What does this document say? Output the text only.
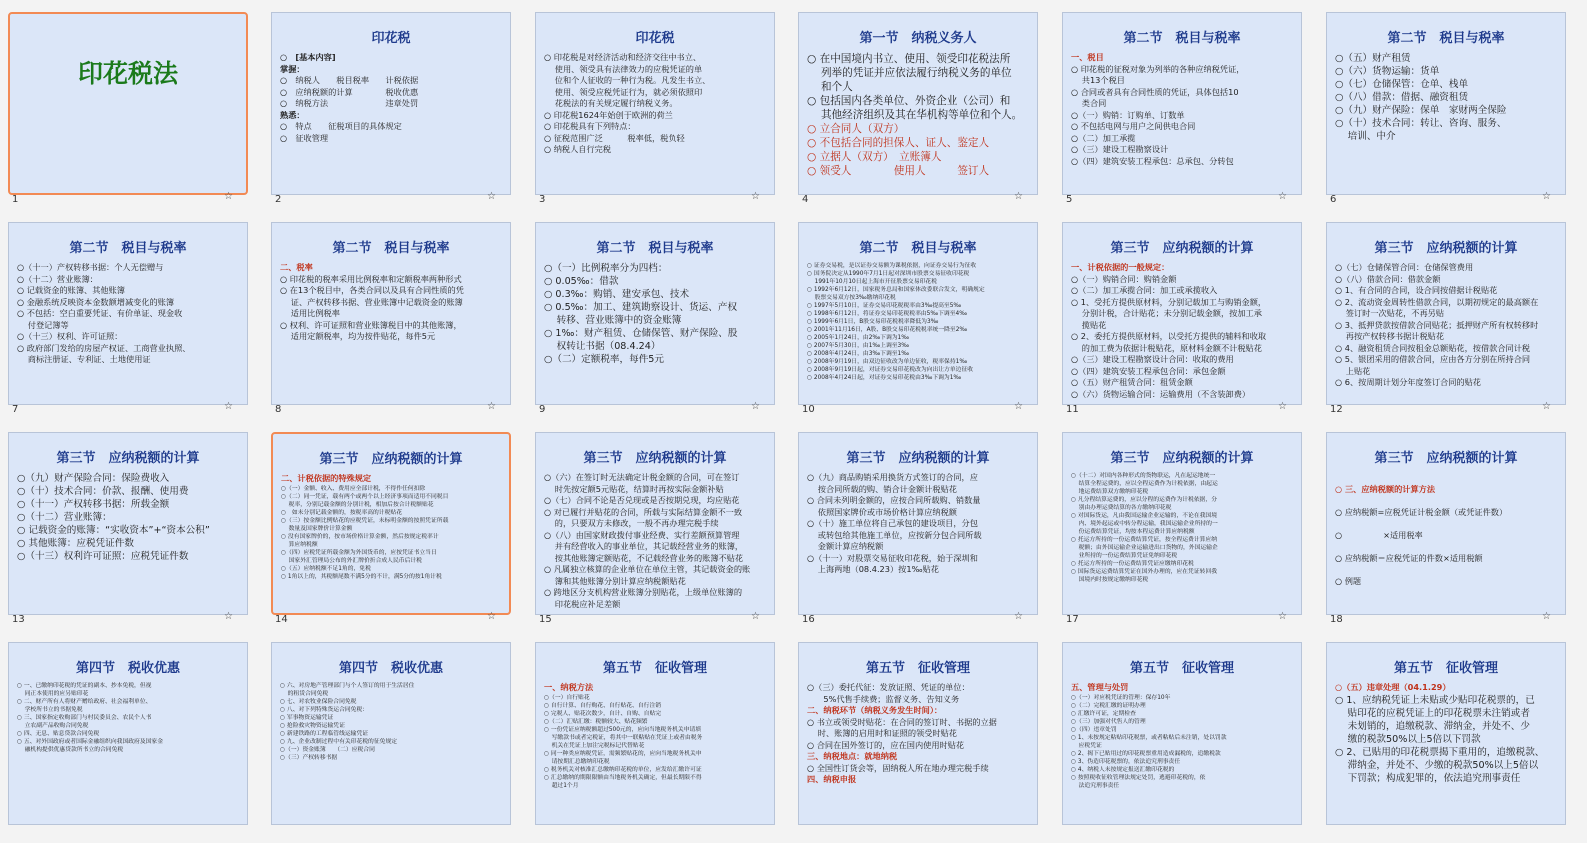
印花税法
1	☆
印花税
○　[基本内容]
掌握：
○　纳税人　　税目税率　　计税依据
○　应纳税额的计算　　　　税收优惠
○　纳税方法　　　　　　　违章处罚
熟悉：
○　特点　　征税项目的具体规定
○　征收管理
2	☆
印花税
○ 印花税是对经济活动和经济交往中书立、
　 使用、领受具有法律效力的应税凭证的单
　 位和个人征收的一种行为税。凡发生书立、
　 使用、领受应税凭证行为，就必须依照印
　 花税法的有关规定履行纳税义务。
○ 印花税1624年始创于欧洲的荷兰
○ 印花税具有下列特点：
○ 征税范围广泛　　　税率低，税负轻
○ 纳税人自行完税
3	☆
第一节　纳税义务人
○ 在中国境内书立、使用、领受印花税法所
　 列举的凭证并应依法履行纳税义务的单位
　 和个人
○ 包括国内各类单位、外资企业（公司）和
　 其他经济组织及其在华机构等单位和个人。
○ 立合同人（双方）
○ 不包括合同的担保人、证人、鉴定人
○ 立据人（双方）　立账簿人
○ 领受人　　　　使用人　　　签订人
4	☆
第二节　税目与税率
一、税目
○ 印花税的征税对象为列举的各种应纳税凭证，
　 共13个税目
○ 合同或者具有合同性质的凭证，具体包括10
　 类合同
○（一）购销：订购单、订数单
○ 不包括电网与用户之间供电合同
○（二）加工承揽
○（三）建设工程勘察设计
○（四）建筑安装工程承包：总承包、分转包
5	☆
第二节　税目与税率
○（五）财产租赁
○（六）货物运输：货单
○（七）仓储保管：仓单、栈单
○（八）借款：借据、融资租赁
○（九）财产保险：保单　家财两全保险
○（十）技术合同：转让、咨询、服务、
　 培训、中介
6	☆
第二节　税目与税率
○（十一）产权转移书据：个人无偿赠与
○（十二）营业账簿：
○ 记载资金的账簿、其他账簿
○ 金融系统反映资本金数额增减变化的账簿
○ 不包括：空白重要凭证、有价单证、现金收
　 付登记簿等
○（十三）权利、许可证照：
○ 政府部门发给的房屋产权证、工商营业执照、
　 商标注册证、专利证、土地使用证
7	☆
第二节　税目与税率
二、税率
○ 印花税的税率采用比例税率和定额税率两种形式
○ 在13个税目中，各类合同以及具有合同性质的凭
　 证、产权转移书据、营业账簿中记载资金的账簿
　 适用比例税率
○ 权利、许可证照和营业账簿税目中的其他账簿，
　 适用定额税率，均为按件贴花，每件5元
8	☆
第二节　税目与税率
○（一）比例税率分为四档：
○ 0.05‰：借款
○ 0.3‰：购销、建安承包、技术
○ 0.5‰：加工、建筑勘察设计、货运、产权
　 转移、营业账簿中的资金账簿
○ 1‰：财产租赁、仓储保管、财产保险、股
　 权转让书据（08.4.24）
○（二）定额税率，每件5元
9	☆
第二节　税目与税率
○ 证券交易税，是以证券交易额为课税依据，向证券交易行为征收
○ 国务院决定从1990年7月1日起对深圳市股票交易征收印花税
　 1991年10月10日起上海市开征股票交易印花税
○ 1992年6月12日，国家税务总局和国家体改委联合发文，明确规定
　 股票交易双方按3‰缴纳印花税
○ 1997年5月10日，证券交易印花税税率由3‰提高至5‰
○ 1998年6月12日，将证券交易印花税税率由5‰下调至4‰
○ 1999年6月1日，B股交易印花税税率降低为3‰
○ 2001年11月16日，A股、B股交易印花税税率统一降至2‰
○ 2005年1月24日，由2‰下调为1‰
○ 2007年5月30日，由1‰上调至3‰
○ 2008年4月24日，由3‰下调至1‰
○ 2008年9月19日，由双边征收改为单边征收，税率保持1‰
○ 2008年9月19日起，对证券交易印花税改为向出让方单边征收
○ 2008年4月24日起，对证券交易印花税由3‰下调为1‰
10	☆
第三节　应纳税额的计算
一、计税依据的一般规定：
○（一）购销合同：购销金额
○（二）加工承揽合同：加工或承揽收入
○ 1、受托方提供原材料，分别记载加工与购销金额，
　 分别计税，合计贴花；未分别记载金额，按加工承
　 揽贴花
○ 2、委托方提供原材料，以受托方提供的辅料和收取
　 的加工费为依据计税贴花，原材料金额不计税贴花
○（三）建设工程勘察设计合同：收取的费用
○（四）建筑安装工程承包合同：承包金额
○（五）财产租赁合同：租赁金额
○（六）货物运输合同：运输费用（不含装卸费）
11	☆
第三节　应纳税额的计算
○（七）仓储保管合同：仓储保管费用
○（八）借款合同：借款金额
○ 1、有合同的合同，设合同按借据计税贴花
○ 2、流动资金周转性借款合同，以期初规定的最高额在
　 签订时一次贴花，不再另贴
○ 3、抵押贷款按借款合同贴花；抵押财产所有权转移时
　 再按产权转移书据计税贴花
○ 4、融资租赁合同按租金总额贴花，按借款合同计税
○ 5、银团采用的借款合同，应由各方分别在所持合同
　 上贴花
○ 6、按周期计划分年度签订合同的贴花
12	☆
第三节　应纳税额的计算
○（九）财产保险合同：保险费收入
○（十）技术合同：价款、报酬、使用费
○（十一）产权转移书据：所载金额
○（十二）营业账簿：
○ 记载资金的账簿：“实收资本”+“资本公积”
○ 其他账簿：应税凭证件数
○（十三）权利许可证照：应税凭证件数
13	☆
第三节　应纳税额的计算
二、计税依据的特殊规定
○（一）金额、收入、费用应全部计税，不得作任何扣除
○（二）同一凭证，载有两个或两个以上经济事项而适用不同税目
　 税率，分别记载金额的分别计税，相加后按合计税额贴花
○　如未分别记载金额的，按税率高的计税贴花
○（三）按金额比例贴花的应税凭证，未标明金额的按照凭证所载
　 数量及国家牌价计算金额
○ 没有国家牌价的，按市场价格计算金额，然后按规定税率计
　 算应纳税额
○（四）应税凭证所载金额为外国货币的，应按凭证书立当日
　 国家外汇管理局公布的外汇牌价折合成人民币后计税
○（五）应纳税额不足1角的，免税
○ 1角以上的，其税额尾数不满5分的不计，满5分的按1角计税
14	☆
第三节　应纳税额的计算
○（六）在签订时无法确定计税金额的合同，可在签订
　 时先按定额5元贴花，结算时再按实际金额补贴
○（七）合同不论是否兑现或是否按期兑现，均应贴花
○ 对已履行并贴花的合同，所载与实际结算金额不一致
　 的，只要双方未修改，一般不再办理完税手续
○（八）由国家财政拨付事业经费、实行差额预算管理
　 并有经营收入的事业单位，其记载经营业务的账簿，
　 按其他账簿定额贴花，不记载经营业务的账簿不贴花
○ 凡属独立核算的企业单位在单位主管，其记载资金的账
　 簿和其他账簿分别计算应纳税额贴花
○ 跨地区分支机构营业账簿分别贴花，上级单位账簿的
　 印花税应补足差额
15	☆
第三节　应纳税额的计算
○（九）商品购销采用换货方式签订的合同，应
　 按合同所载的购、销合计金额计税贴花
○ 合同未列明金额的，应按合同所载购、销数量
　 依照国家牌价或市场价格计算应纳税额
○（十）施工单位将自己承包的建设项目，分包
　 或转包给其他施工单位，应按新分包合同所载
　 金额计算应纳税额
○（十一）对股票交易征收印花税，始于深圳和
　 上海两地（08.4.23）按1‰贴花
16	☆
第三节　应纳税额的计算
○（十二）对国内各种形式的货物联运，凡在起运地统一
　 结算全程运费的，应以全程运费作为计税依据，由起运
　 地运费结算双方缴纳印花税
○ 凡分程结算运费的，应以分程的运费作为计税依据，分
　 别由办理运费结算的各方缴纳印花税
○ 对国际货运，凡由我国运输企业运输的，不论在我国境
　 内、境外起运或中转分程运输，我国运输企业所持的一
　 份运费结算凭证，均按本程运费计算应纳税额
○ 托运方所持的一份运费结算凭证，按全程运费计算应纳
　 税额；由外国运输企业运输进出口货物的，外国运输企
　 业所持的一份运费结算凭证免纳印花税
○ 托运方所持的一份运费结算凭证应缴纳印花税
○ 国际货运运费结算凭证在国外办理的，应在凭证转回我
　 国境内时按规定缴纳印花税
17	☆
第三节　应纳税额的计算

○ 三、应纳税额的计算方法

○ 应纳税额=应税凭证计税金额（或凭证件数）

○　　　　　×适用税率

○ 应纳税额＝应税凭证的件数×适用税额

○ 例题
18	☆
第四节　税收优惠
○ 一、已缴纳印花税的凭证的副本、抄本免税，但视
　 同正本使用的应另贴印花
○ 二、财产所有人将财产赠给政府、社会福利单位、
　 学校所书立的书据免税
○ 三、国家指定收购部门与村民委员会、农民个人书
　 立农副产品收购合同免税
○ 四、无息、贴息贷款合同免税
○ 五、对外国政府或者国际金融组织向我国政府及国家金
　 融机构提供优惠贷款所书立的合同免税
第四节　税收优惠
○ 六、对房地产管理部门与个人签订的用于生活居住
　 的租赁合同免税
○ 七、对农牧业保险合同免税
○ 八、对下列特殊货运合同免税：
○ 军事物资运输凭证
○ 抢险救灾物资运输凭证
○ 新建铁路的工程临管线运输凭证
○ 九、企业改制过程中有关印花税的征免规定
○（一）资金账簿　　（二）应税合同
○（三）产权转移书据
第五节　征收管理
一、纳税方法
○（一）自行贴花
○ 自行计算、自行购花、自行贴花、自行注销
○ 完税人、贴花次数少，自计、自购、自贴完
○（二）汇贴汇缴：税额较大、贴花频繁
○ 一份凭证应纳税额超过500元的，应向当地税务机关申请填
　 写缴款书或者完税证，将其中一联粘贴在凭证上或者由税务
　 机关在凭证上加注完税标记代替贴花
○ 同一种类应纳税凭证，需频繁贴花的，应向当地税务机关申
　 请按期汇总缴纳印花税
○ 税务机关对核准汇总缴纳印花税的单位，应发给汇缴许可证
○ 汇总缴纳的期限限额由当地税务机关确定，但最长期限不得
　 超过1个月
第五节　征收管理
○（三）委托代征：发放证照、凭证的单位：
　　5%代售手续费；监督义务、告知义务
二、纳税环节（纳税义务发生时间）：
○ 书立或领受时贴花：在合同的签订时、书据的立据
　 时、账簿的启用时和证照的领受时贴花
○ 合同在国外签订的，应在国内使用时贴花
三、纳税地点：就地纳税
○ 全国性订货会等，固纳税人所在地办理完税手续
四、纳税申报
第五节　征收管理
五、管理与处罚
○（一）对应税凭证的管理：保存10年
○（二）完税汇缴的证明办理
○ 汇缴许可证，定期检查
○（三）加强对代售人的管理
○（四）违章处罚
○ 1、未按规定粘贴印花税票，或者粘贴后未注销，处以罚款
　 应税凭证
○ 2、揭下已贴用过的印花税票重用造成漏税的，追缴税款
○ 3、伪造印花税票的，依法追究刑事责任
○ 4、纳税人未按规定报送汇缴印花税的
○ 按照税收征收管理法规定处罚，逃避印花税的，依
　 法追究刑事责任
第五节　征收管理
○（五）违章处理（04.1.29）
○ 1、应纳税凭证上未贴或少贴印花税票的，已
　 贴印花的应税凭证上的印花税票未注销或者
　 未划销的，追缴税款、滞纳金，并处不、少
　 缴的税款50%以上5倍以下罚款
○ 2、已贴用的印花税票揭下重用的，追缴税款、
　 滞纳金，并处不、少缴的税款50%以上5倍以
　 下罚款；构成犯罪的，依法追究刑事责任
